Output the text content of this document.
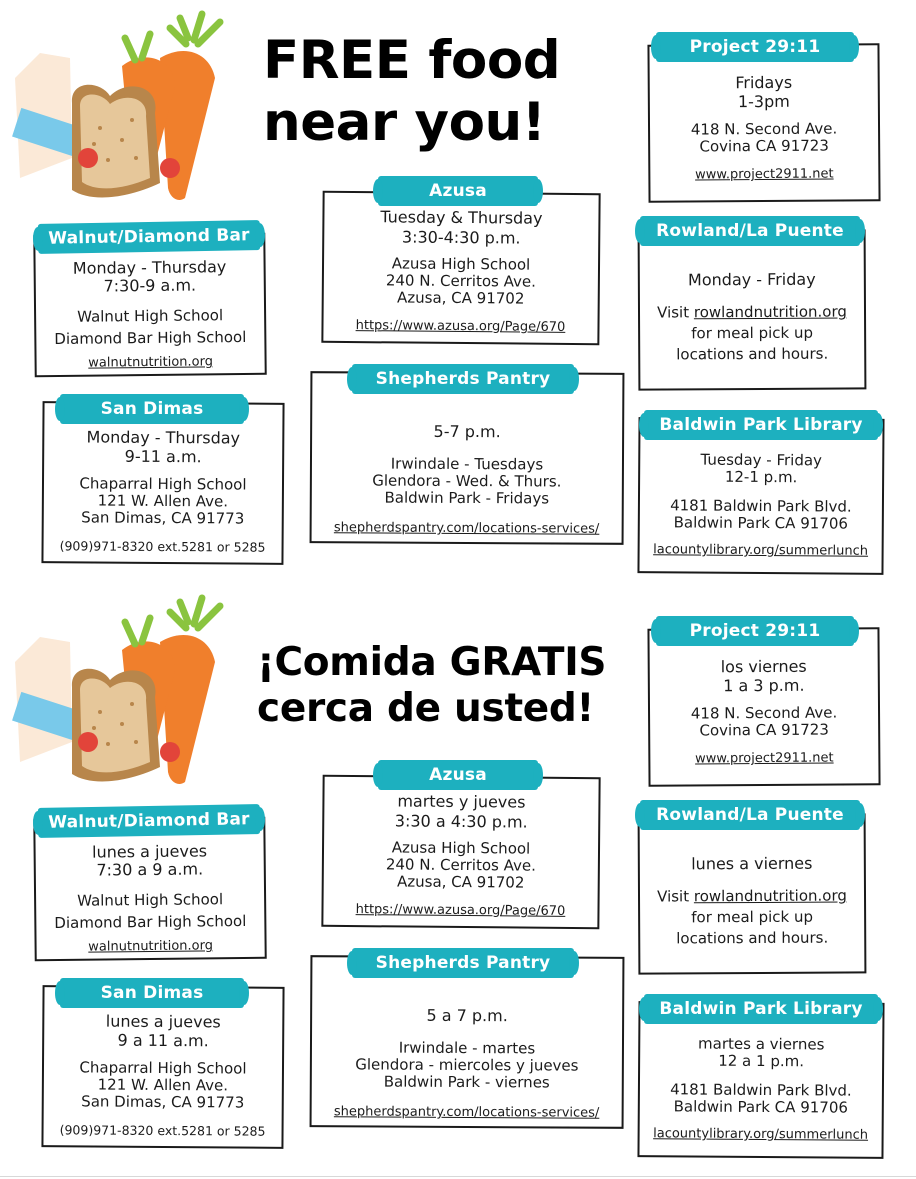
FREE food
near you!
Fridays
1-3pm
418 N. Second Ave.
Covina CA 91723
www.project2911.net
Project 29:11
Tuesday & Thursday
3:30-4:30 p.m.
Azusa High School
240 N. Cerritos Ave.
Azusa, CA 91702
https://www.azusa.org/Page/670
Azusa
Monday - Thursday
7:30-9 a.m.
Walnut High School
Diamond Bar High School
walnutnutrition.org
Walnut/Diamond Bar
Monday - Friday
Visit rowlandnutrition.org
for meal pick up
locations and hours.
Rowland/La Puente
Monday - Thursday
9-11 a.m.
Chaparral High School
121 W. Allen Ave.
San Dimas, CA 91773
(909)971-8320 ext.5281 or 5285
San Dimas
5-7 p.m.
Irwindale - Tuesdays
Glendora - Wed. & Thurs.
Baldwin Park - Fridays
shepherdspantry.com/locations-services/
Shepherds Pantry
Tuesday - Friday
12-1 p.m.
4181 Baldwin Park Blvd.
Baldwin Park CA 91706
lacountylibrary.org/summerlunch
Baldwin Park Library
¡Comida GRATIS
cerca de usted!
los viernes
1 a 3 p.m.
418 N. Second Ave.
Covina CA 91723
www.project2911.net
Project 29:11
martes y jueves
3:30 a 4:30 p.m.
Azusa High School
240 N. Cerritos Ave.
Azusa, CA 91702
https://www.azusa.org/Page/670
Azusa
lunes a jueves
7:30 a 9 a.m.
Walnut High School
Diamond Bar High School
walnutnutrition.org
Walnut/Diamond Bar
lunes a viernes
Visit rowlandnutrition.org
for meal pick up
locations and hours.
Rowland/La Puente
lunes a jueves
9 a 11 a.m.
Chaparral High School
121 W. Allen Ave.
San Dimas, CA 91773
(909)971-8320 ext.5281 or 5285
San Dimas
5 a 7 p.m.
Irwindale - martes
Glendora - miercoles y jueves
Baldwin Park - viernes
shepherdspantry.com/locations-services/
Shepherds Pantry
martes a viernes
12 a 1 p.m.
4181 Baldwin Park Blvd.
Baldwin Park CA 91706
lacountylibrary.org/summerlunch
Baldwin Park Library
